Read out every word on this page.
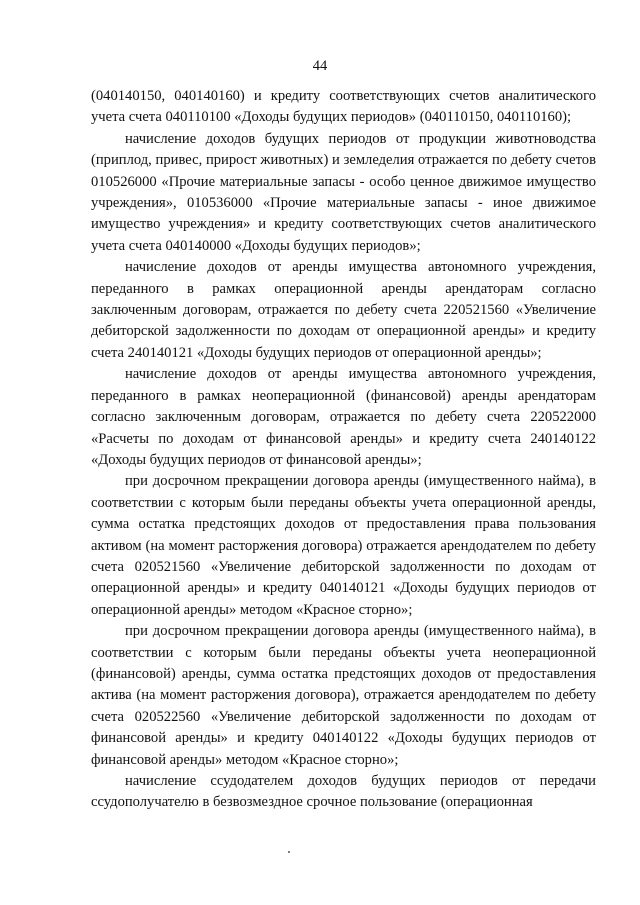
44

(040140150, 040140160) и кредиту соответствующих счетов аналитического учета счета 040110100 «Доходы будущих периодов» (040110150, 040110160);

начисление доходов будущих периодов от продукции животноводства (приплод, привес, прирост животных) и земледелия отражается по дебету счетов 010526000 «Прочие материальные запасы - особо ценное движимое имущество учреждения», 010536000 «Прочие материальные запасы - иное движимое имущество учреждения» и кредиту соответствующих счетов аналитического учета счета 040140000 «Доходы будущих периодов»;

начисление доходов от аренды имущества автономного учреждения, переданного в рамках операционной аренды арендаторам согласно заключенным договорам, отражается по дебету счета 220521560 «Увеличение дебиторской задолженности по доходам от операционной аренды» и кредиту счета 240140121 «Доходы будущих периодов от операционной аренды»;

начисление доходов от аренды имущества автономного учреждения, переданного в рамках неоперационной (финансовой) аренды арендаторам согласно заключенным договорам, отражается по дебету счета 220522000 «Расчеты по доходам от финансовой аренды» и кредиту счета 240140122 «Доходы будущих периодов от финансовой аренды»;

при досрочном прекращении договора аренды (имущественного найма), в соответствии с которым были переданы объекты учета операционной аренды, сумма остатка предстоящих доходов от предоставления права пользования активом (на момент расторжения договора) отражается арендодателем по дебету счета 020521560 «Увеличение дебиторской задолженности по доходам от операционной аренды» и кредиту 040140121 «Доходы будущих периодов от операционной аренды» методом «Красное сторно»;

при досрочном прекращении договора аренды (имущественного найма), в соответствии с которым были переданы объекты учета неоперационной (финансовой) аренды, сумма остатка предстоящих доходов от предоставления актива (на момент расторжения договора), отражается арендодателем по дебету счета 020522560 «Увеличение дебиторской задолженности по доходам от финансовой аренды» и кредиту 040140122 «Доходы будущих периодов от финансовой аренды» методом «Красное сторно»;

начисление ссудодателем доходов будущих периодов от передачи ссудополучателю в безвозмездное срочное пользование (операционная
